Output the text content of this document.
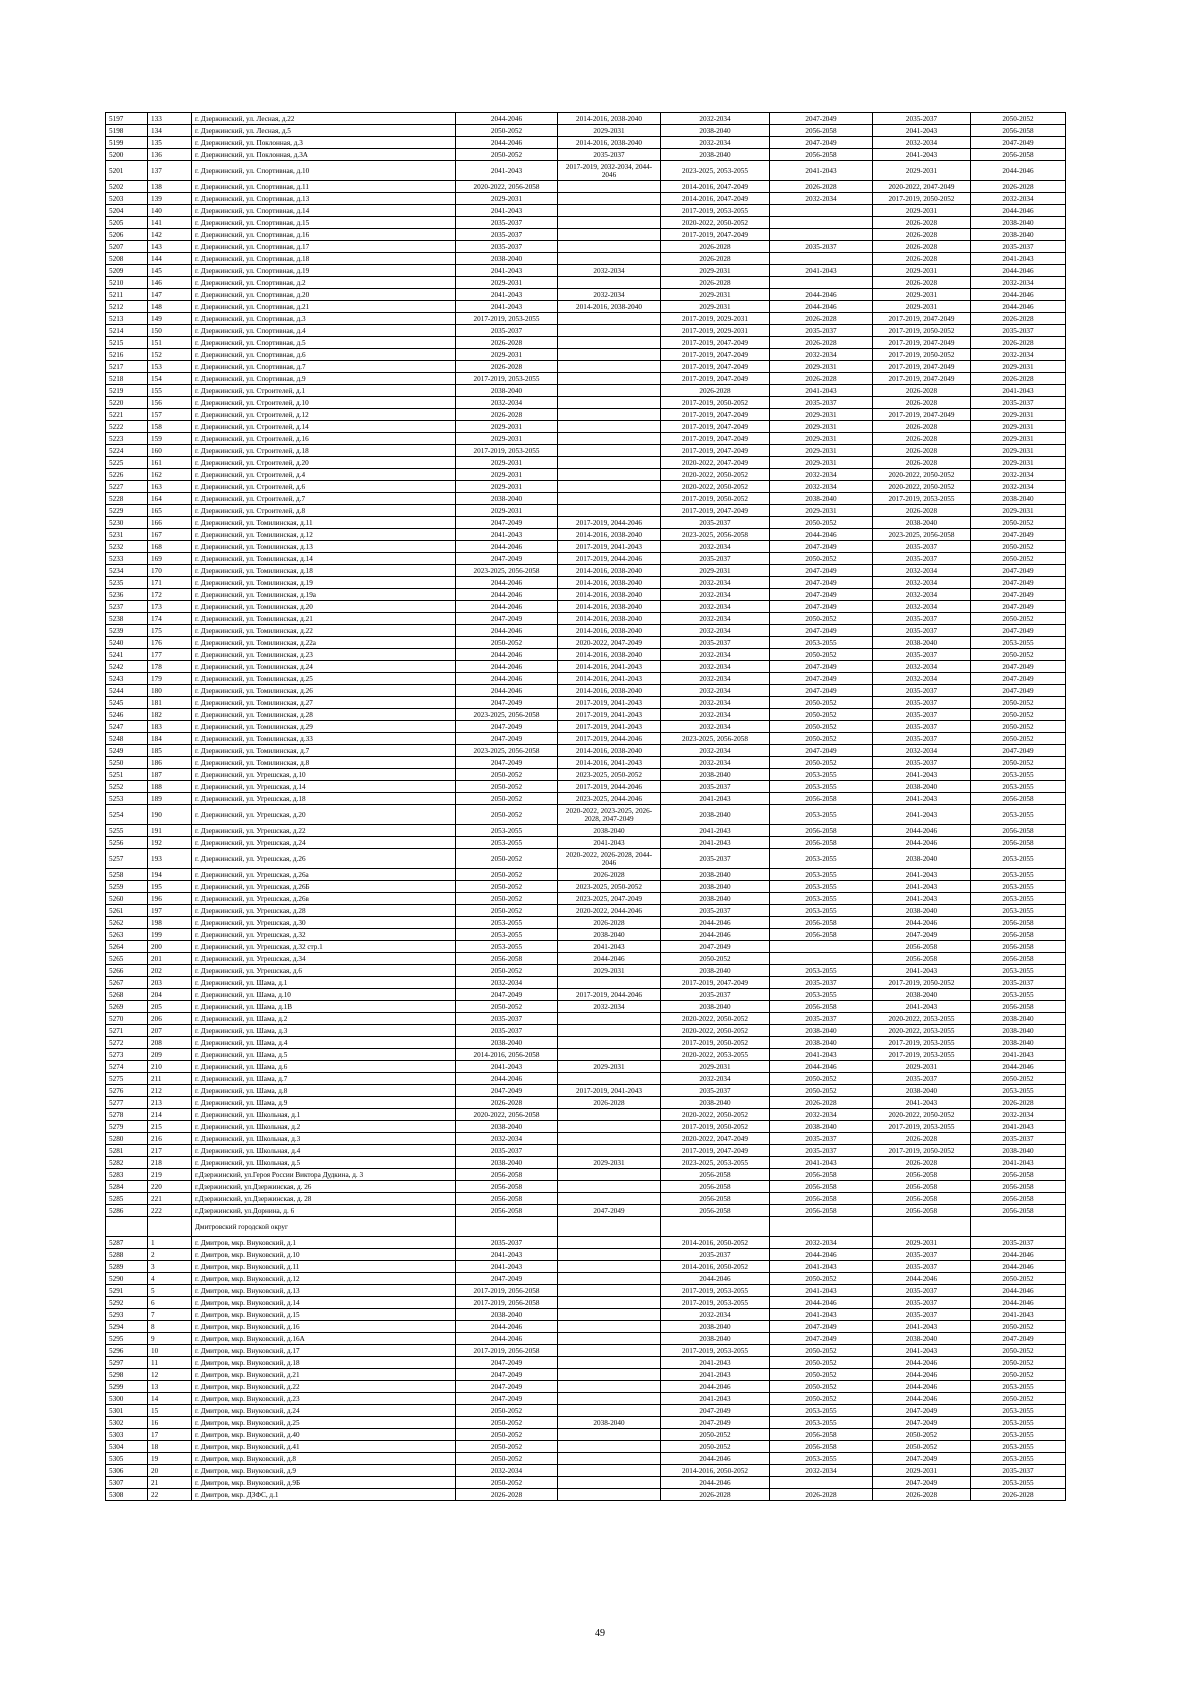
5197	133	г. Дзержинский, ул. Лесная, д.22	2044-2046	2014-2016, 2038-2040	2032-2034	2047-2049	2035-2037	2050-2052
5198	134	г. Дзержинский, ул. Лесная, д.5	2050-2052	2029-2031	2038-2040	2056-2058	2041-2043	2056-2058
5199	135	г. Дзержинский, ул. Поклонная, д.3	2044-2046	2014-2016, 2038-2040	2032-2034	2047-2049	2032-2034	2047-2049
5200	136	г. Дзержинский, ул. Поклонная, д.3А	2050-2052	2035-2037	2038-2040	2056-2058	2041-2043	2056-2058
5201	137	г. Дзержинский, ул. Спортивная, д.10	2041-2043	2017-2019, 2032-2034, 2044-2046	2023-2025, 2053-2055	2041-2043	2029-2031	2044-2046
5202	138	г. Дзержинский, ул. Спортивная, д.11	2020-2022, 2056-2058		2014-2016, 2047-2049	2026-2028	2020-2022, 2047-2049	2026-2028
5203	139	г. Дзержинский, ул. Спортивная, д.13	2029-2031		2014-2016, 2047-2049	2032-2034	2017-2019, 2050-2052	2032-2034
5204	140	г. Дзержинский, ул. Спортивная, д.14	2041-2043		2017-2019, 2053-2055		2029-2031	2044-2046
5205	141	г. Дзержинский, ул. Спортивная, д.15	2035-2037		2020-2022, 2050-2052		2026-2028	2038-2040
5206	142	г. Дзержинский, ул. Спортивная, д.16	2035-2037		2017-2019, 2047-2049		2026-2028	2038-2040
5207	143	г. Дзержинский, ул. Спортивная, д.17	2035-2037		2026-2028	2035-2037	2026-2028	2035-2037
5208	144	г. Дзержинский, ул. Спортивная, д.18	2038-2040		2026-2028		2026-2028	2041-2043
5209	145	г. Дзержинский, ул. Спортивная, д.19	2041-2043	2032-2034	2029-2031	2041-2043	2029-2031	2044-2046
5210	146	г. Дзержинский, ул. Спортивная, д.2	2029-2031		2026-2028		2026-2028	2032-2034
5211	147	г. Дзержинский, ул. Спортивная, д.20	2041-2043	2032-2034	2029-2031	2044-2046	2029-2031	2044-2046
5212	148	г. Дзержинский, ул. Спортивная, д.21	2041-2043	2014-2016, 2038-2040	2029-2031	2044-2046	2029-2031	2044-2046
5213	149	г. Дзержинский, ул. Спортивная, д.3	2017-2019, 2053-2055		2017-2019, 2029-2031	2026-2028	2017-2019, 2047-2049	2026-2028
5214	150	г. Дзержинский, ул. Спортивная, д.4	2035-2037		2017-2019, 2029-2031	2035-2037	2017-2019, 2050-2052	2035-2037
5215	151	г. Дзержинский, ул. Спортивная, д.5	2026-2028		2017-2019, 2047-2049	2026-2028	2017-2019, 2047-2049	2026-2028
5216	152	г. Дзержинский, ул. Спортивная, д.6	2029-2031		2017-2019, 2047-2049	2032-2034	2017-2019, 2050-2052	2032-2034
5217	153	г. Дзержинский, ул. Спортивная, д.7	2026-2028		2017-2019, 2047-2049	2029-2031	2017-2019, 2047-2049	2029-2031
5218	154	г. Дзержинский, ул. Спортивная, д.9	2017-2019, 2053-2055		2017-2019, 2047-2049	2026-2028	2017-2019, 2047-2049	2026-2028
5219	155	г. Дзержинский, ул. Строителей, д.1	2038-2040		2026-2028	2041-2043	2026-2028	2041-2043
5220	156	г. Дзержинский, ул. Строителей, д.10	2032-2034		2017-2019, 2050-2052	2035-2037	2026-2028	2035-2037
5221	157	г. Дзержинский, ул. Строителей, д.12	2026-2028		2017-2019, 2047-2049	2029-2031	2017-2019, 2047-2049	2029-2031
5222	158	г. Дзержинский, ул. Строителей, д.14	2029-2031		2017-2019, 2047-2049	2029-2031	2026-2028	2029-2031
5223	159	г. Дзержинский, ул. Строителей, д.16	2029-2031		2017-2019, 2047-2049	2029-2031	2026-2028	2029-2031
5224	160	г. Дзержинский, ул. Строителей, д.18	2017-2019, 2053-2055		2017-2019, 2047-2049	2029-2031	2026-2028	2029-2031
5225	161	г. Дзержинский, ул. Строителей, д.20	2029-2031		2020-2022, 2047-2049	2029-2031	2026-2028	2029-2031
5226	162	г. Дзержинский, ул. Строителей, д.4	2029-2031		2020-2022, 2050-2052	2032-2034	2020-2022, 2050-2052	2032-2034
5227	163	г. Дзержинский, ул. Строителей, д.6	2029-2031		2020-2022, 2050-2052	2032-2034	2020-2022, 2050-2052	2032-2034
5228	164	г. Дзержинский, ул. Строителей, д.7	2038-2040		2017-2019, 2050-2052	2038-2040	2017-2019, 2053-2055	2038-2040
5229	165	г. Дзержинский, ул. Строителей, д.8	2029-2031		2017-2019, 2047-2049	2029-2031	2026-2028	2029-2031
5230	166	г. Дзержинский, ул. Томилинская, д.11	2047-2049	2017-2019, 2044-2046	2035-2037	2050-2052	2038-2040	2050-2052
5231	167	г. Дзержинский, ул. Томилинская, д.12	2041-2043	2014-2016, 2038-2040	2023-2025, 2056-2058	2044-2046	2023-2025, 2056-2058	2047-2049
5232	168	г. Дзержинский, ул. Томилинская, д.13	2044-2046	2017-2019, 2041-2043	2032-2034	2047-2049	2035-2037	2050-2052
5233	169	г. Дзержинский, ул. Томилинская, д.14	2047-2049	2017-2019, 2044-2046	2035-2037	2050-2052	2035-2037	2050-2052
5234	170	г. Дзержинский, ул. Томилинская, д.18	2023-2025, 2056-2058	2014-2016, 2038-2040	2029-2031	2047-2049	2032-2034	2047-2049
5235	171	г. Дзержинский, ул. Томилинская, д.19	2044-2046	2014-2016, 2038-2040	2032-2034	2047-2049	2032-2034	2047-2049
5236	172	г. Дзержинский, ул. Томилинская, д.19а	2044-2046	2014-2016, 2038-2040	2032-2034	2047-2049	2032-2034	2047-2049
5237	173	г. Дзержинский, ул. Томилинская, д.20	2044-2046	2014-2016, 2038-2040	2032-2034	2047-2049	2032-2034	2047-2049
5238	174	г. Дзержинский, ул. Томилинская, д.21	2047-2049	2014-2016, 2038-2040	2032-2034	2050-2052	2035-2037	2050-2052
5239	175	г. Дзержинский, ул. Томилинская, д.22	2044-2046	2014-2016, 2038-2040	2032-2034	2047-2049	2035-2037	2047-2049
5240	176	г. Дзержинский, ул. Томилинская, д.22а	2050-2052	2020-2022, 2047-2049	2035-2037	2053-2055	2038-2040	2053-2055
5241	177	г. Дзержинский, ул. Томилинская, д.23	2044-2046	2014-2016, 2038-2040	2032-2034	2050-2052	2035-2037	2050-2052
5242	178	г. Дзержинский, ул. Томилинская, д.24	2044-2046	2014-2016, 2041-2043	2032-2034	2047-2049	2032-2034	2047-2049
5243	179	г. Дзержинский, ул. Томилинская, д.25	2044-2046	2014-2016, 2041-2043	2032-2034	2047-2049	2032-2034	2047-2049
5244	180	г. Дзержинский, ул. Томилинская, д.26	2044-2046	2014-2016, 2038-2040	2032-2034	2047-2049	2035-2037	2047-2049
5245	181	г. Дзержинский, ул. Томилинская, д.27	2047-2049	2017-2019, 2041-2043	2032-2034	2050-2052	2035-2037	2050-2052
5246	182	г. Дзержинский, ул. Томилинская, д.28	2023-2025, 2056-2058	2017-2019, 2041-2043	2032-2034	2050-2052	2035-2037	2050-2052
5247	183	г. Дзержинский, ул. Томилинская, д.29	2047-2049	2017-2019, 2041-2043	2032-2034	2050-2052	2035-2037	2050-2052
5248	184	г. Дзержинский, ул. Томилинская, д.33	2047-2049	2017-2019, 2044-2046	2023-2025, 2056-2058	2050-2052	2035-2037	2050-2052
5249	185	г. Дзержинский, ул. Томилинская, д.7	2023-2025, 2056-2058	2014-2016, 2038-2040	2032-2034	2047-2049	2032-2034	2047-2049
5250	186	г. Дзержинский, ул. Томилинская, д.8	2047-2049	2014-2016, 2041-2043	2032-2034	2050-2052	2035-2037	2050-2052
5251	187	г. Дзержинский, ул. Угрешская, д.10	2050-2052	2023-2025, 2050-2052	2038-2040	2053-2055	2041-2043	2053-2055
5252	188	г. Дзержинский, ул. Угрешская, д.14	2050-2052	2017-2019, 2044-2046	2035-2037	2053-2055	2038-2040	2053-2055
5253	189	г. Дзержинский, ул. Угрешская, д.18	2050-2052	2023-2025, 2044-2046	2041-2043	2056-2058	2041-2043	2056-2058
5254	190	г. Дзержинский, ул. Угрешская, д.20	2050-2052	2020-2022, 2023-2025, 2026-2028, 2047-2049	2038-2040	2053-2055	2041-2043	2053-2055
5255	191	г. Дзержинский, ул. Угрешская, д.22	2053-2055	2038-2040	2041-2043	2056-2058	2044-2046	2056-2058
5256	192	г. Дзержинский, ул. Угрешская, д.24	2053-2055	2041-2043	2041-2043	2056-2058	2044-2046	2056-2058
5257	193	г. Дзержинский, ул. Угрешская, д.26	2050-2052	2020-2022, 2026-2028, 2044-2046	2035-2037	2053-2055	2038-2040	2053-2055
5258	194	г. Дзержинский, ул. Угрешская, д.26а	2050-2052	2026-2028	2038-2040	2053-2055	2041-2043	2053-2055
5259	195	г. Дзержинский, ул. Угрешская, д.26Б	2050-2052	2023-2025, 2050-2052	2038-2040	2053-2055	2041-2043	2053-2055
5260	196	г. Дзержинский, ул. Угрешская, д.26в	2050-2052	2023-2025, 2047-2049	2038-2040	2053-2055	2041-2043	2053-2055
5261	197	г. Дзержинский, ул. Угрешская, д.28	2050-2052	2020-2022, 2044-2046	2035-2037	2053-2055	2038-2040	2053-2055
5262	198	г. Дзержинский, ул. Угрешская, д.30	2053-2055	2026-2028	2044-2046	2056-2058	2044-2046	2056-2058
5263	199	г. Дзержинский, ул. Угрешская, д.32	2053-2055	2038-2040	2044-2046	2056-2058	2047-2049	2056-2058
5264	200	г. Дзержинский, ул. Угрешская, д.32 стр.1	2053-2055	2041-2043	2047-2049		2056-2058	2056-2058
5265	201	г. Дзержинский, ул. Угрешская, д.34	2056-2058	2044-2046	2050-2052		2056-2058	2056-2058
5266	202	г. Дзержинский, ул. Угрешская, д.6	2050-2052	2029-2031	2038-2040	2053-2055	2041-2043	2053-2055
5267	203	г. Дзержинский, ул. Шама, д.1	2032-2034		2017-2019, 2047-2049	2035-2037	2017-2019, 2050-2052	2035-2037
5268	204	г. Дзержинский, ул. Шама, д.10	2047-2049	2017-2019, 2044-2046	2035-2037	2053-2055	2038-2040	2053-2055
5269	205	г. Дзержинский, ул. Шама, д.1В	2050-2052	2032-2034	2038-2040	2056-2058	2041-2043	2056-2058
5270	206	г. Дзержинский, ул. Шама, д.2	2035-2037		2020-2022, 2050-2052	2035-2037	2020-2022, 2053-2055	2038-2040
5271	207	г. Дзержинский, ул. Шама, д.3	2035-2037		2020-2022, 2050-2052	2038-2040	2020-2022, 2053-2055	2038-2040
5272	208	г. Дзержинский, ул. Шама, д.4	2038-2040		2017-2019, 2050-2052	2038-2040	2017-2019, 2053-2055	2038-2040
5273	209	г. Дзержинский, ул. Шама, д.5	2014-2016, 2056-2058		2020-2022, 2053-2055	2041-2043	2017-2019, 2053-2055	2041-2043
5274	210	г. Дзержинский, ул. Шама, д.6	2041-2043	2029-2031	2029-2031	2044-2046	2029-2031	2044-2046
5275	211	г. Дзержинский, ул. Шама, д.7	2044-2046		2032-2034	2050-2052	2035-2037	2050-2052
5276	212	г. Дзержинский, ул. Шама, д.8	2047-2049	2017-2019, 2041-2043	2035-2037	2050-2052	2038-2040	2053-2055
5277	213	г. Дзержинский, ул. Шама, д.9	2026-2028	2026-2028	2038-2040	2026-2028	2041-2043	2026-2028
5278	214	г. Дзержинский, ул. Школьная, д.1	2020-2022, 2056-2058		2020-2022, 2050-2052	2032-2034	2020-2022, 2050-2052	2032-2034
5279	215	г. Дзержинский, ул. Школьная, д.2	2038-2040		2017-2019, 2050-2052	2038-2040	2017-2019, 2053-2055	2041-2043
5280	216	г. Дзержинский, ул. Школьная, д.3	2032-2034		2020-2022, 2047-2049	2035-2037	2026-2028	2035-2037
5281	217	г. Дзержинский, ул. Школьная, д.4	2035-2037		2017-2019, 2047-2049	2035-2037	2017-2019, 2050-2052	2038-2040
5282	218	г. Дзержинский, ул. Школьная, д.5	2038-2040	2029-2031	2023-2025, 2053-2055	2041-2043	2026-2028	2041-2043
5283	219	г.Дзержинский, ул.Героя России Виктора Дудкина, д. 3	2056-2058		2056-2058	2056-2058	2056-2058	2056-2058
5284	220	г.Дзержинский, ул.Дзержинская, д. 26	2056-2058		2056-2058	2056-2058	2056-2058	2056-2058
5285	221	г.Дзержинский, ул.Дзержинская, д. 28	2056-2058		2056-2058	2056-2058	2056-2058	2056-2058
5286	222	г.Дзержинский, ул.Дорнина, д. 6	2056-2058	2047-2049	2056-2058	2056-2058	2056-2058	2056-2058
		Дмитровский городской округ						
5287	1	г. Дмитров, мкр. Внуковский, д.1	2035-2037		2014-2016, 2050-2052	2032-2034	2029-2031	2035-2037
5288	2	г. Дмитров, мкр. Внуковский, д.10	2041-2043		2035-2037	2044-2046	2035-2037	2044-2046
5289	3	г. Дмитров, мкр. Внуковский, д.11	2041-2043		2014-2016, 2050-2052	2041-2043	2035-2037	2044-2046
5290	4	г. Дмитров, мкр. Внуковский, д.12	2047-2049		2044-2046	2050-2052	2044-2046	2050-2052
5291	5	г. Дмитров, мкр. Внуковский, д.13	2017-2019, 2056-2058		2017-2019, 2053-2055	2041-2043	2035-2037	2044-2046
5292	6	г. Дмитров, мкр. Внуковский, д.14	2017-2019, 2056-2058		2017-2019, 2053-2055	2044-2046	2035-2037	2044-2046
5293	7	г. Дмитров, мкр. Внуковский, д.15	2038-2040		2032-2034	2041-2043	2035-2037	2041-2043
5294	8	г. Дмитров, мкр. Внуковский, д.16	2044-2046		2038-2040	2047-2049	2041-2043	2050-2052
5295	9	г. Дмитров, мкр. Внуковский, д.16А	2044-2046		2038-2040	2047-2049	2038-2040	2047-2049
5296	10	г. Дмитров, мкр. Внуковский, д.17	2017-2019, 2056-2058		2017-2019, 2053-2055	2050-2052	2041-2043	2050-2052
5297	11	г. Дмитров, мкр. Внуковский, д.18	2047-2049		2041-2043	2050-2052	2044-2046	2050-2052
5298	12	г. Дмитров, мкр. Внуковский, д.21	2047-2049		2041-2043	2050-2052	2044-2046	2050-2052
5299	13	г. Дмитров, мкр. Внуковский, д.22	2047-2049		2044-2046	2050-2052	2044-2046	2053-2055
5300	14	г. Дмитров, мкр. Внуковский, д.23	2047-2049		2041-2043	2050-2052	2044-2046	2050-2052
5301	15	г. Дмитров, мкр. Внуковский, д.24	2050-2052		2047-2049	2053-2055	2047-2049	2053-2055
5302	16	г. Дмитров, мкр. Внуковский, д.25	2050-2052	2038-2040	2047-2049	2053-2055	2047-2049	2053-2055
5303	17	г. Дмитров, мкр. Внуковский, д.40	2050-2052		2050-2052	2056-2058	2050-2052	2053-2055
5304	18	г. Дмитров, мкр. Внуковский, д.41	2050-2052		2050-2052	2056-2058	2050-2052	2053-2055
5305	19	г. Дмитров, мкр. Внуковский, д.8	2050-2052		2044-2046	2053-2055	2047-2049	2053-2055
5306	20	г. Дмитров, мкр. Внуковский, д.9	2032-2034		2014-2016, 2050-2052	2032-2034	2029-2031	2035-2037
5307	21	г. Дмитров, мкр. Внуковский, д.9Б	2050-2052		2044-2046		2047-2049	2053-2055
5308	22	г. Дмитров, мкр. ДЗФС, д.1	2026-2028		2026-2028	2026-2028	2026-2028	2026-2028
49
